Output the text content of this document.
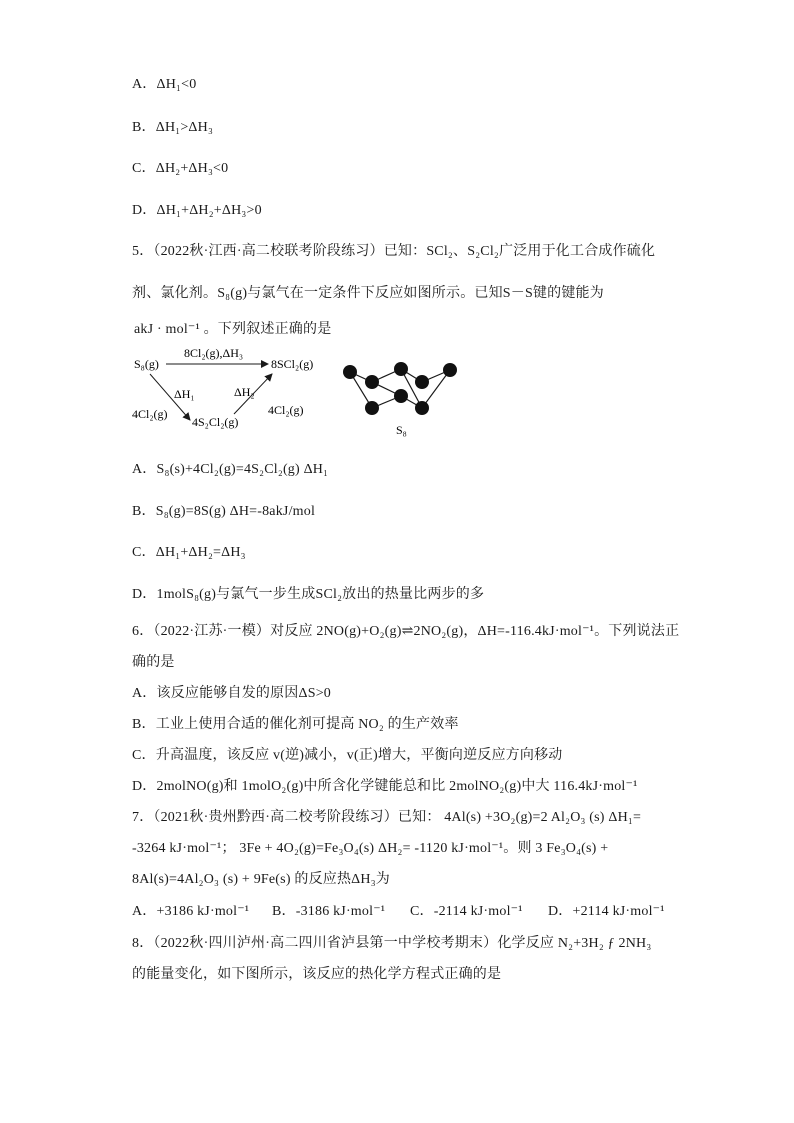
A．ΔH₁<0
B．ΔH₁>ΔH₃
C．ΔH₂+ΔH₃<0
D．ΔH₁+ΔH₂+ΔH₃>0
5．（2022秋·江西·高二校联考阶段练习）已知：SCl₂、S₂Cl₂广泛用于化工合成作硫化
剂、氯化剂。S₈(g)与氯气在一定条件下反应如图所示。已知S－S键的键能为
akJ · mol⁻¹ 。下列叙述正确的是
S₈(g)
8Cl₂(g),ΔH₃
8SCl₂(g)
ΔH₁
4Cl₂(g)
4S₂Cl₂(g)
ΔH₂
4Cl₂(g)
S₈
A．S₈(s)+4Cl₂(g)=4S₂Cl₂(g) ΔH₁
B．S₈(g)=8S(g) ΔH=-8akJ/mol
C．ΔH₁+ΔH₂=ΔH₃
D．1molS₈(g)与氯气一步生成SCl₂放出的热量比两步的多
6．（2022·江苏·一模）对反应 2NO(g)+O₂(g)⇌2NO₂(g)，ΔH=-116.4kJ·mol⁻¹。下列说法正
确的是
A．该反应能够自发的原因ΔS>0
B．工业上使用合适的催化剂可提高 NO₂ 的生产效率
C．升高温度，该反应 v(逆)减小，v(正)增大，平衡向逆反应方向移动
D．2molNO(g)和 1molO₂(g)中所含化学键能总和比 2molNO₂(g)中大 116.4kJ·mol⁻¹
7．（2021秋·贵州黔西·高二校考阶段练习）已知： 4Al(s) +3O₂(g)=2 Al₂O₃ (s) ΔH₁=
-3264 kJ·mol⁻¹； 3Fe + 4O₂(g)=Fe₃O₄(s) ΔH₂= -1120 kJ·mol⁻¹。则 3 Fe₃O₄(s) +
8Al(s)=4Al₂O₃ (s) + 9Fe(s) 的反应热ΔH₃为
A．+3186 kJ·mol⁻¹ B．-3186 kJ·mol⁻¹ C．-2114 kJ·mol⁻¹ D．+2114 kJ·mol⁻¹
8．（2022秋·四川泸州·高二四川省泸县第一中学校考期末）化学反应 N₂+3H₂ ƒ 2NH₃
的能量变化，如下图所示，该反应的热化学方程式正确的是
